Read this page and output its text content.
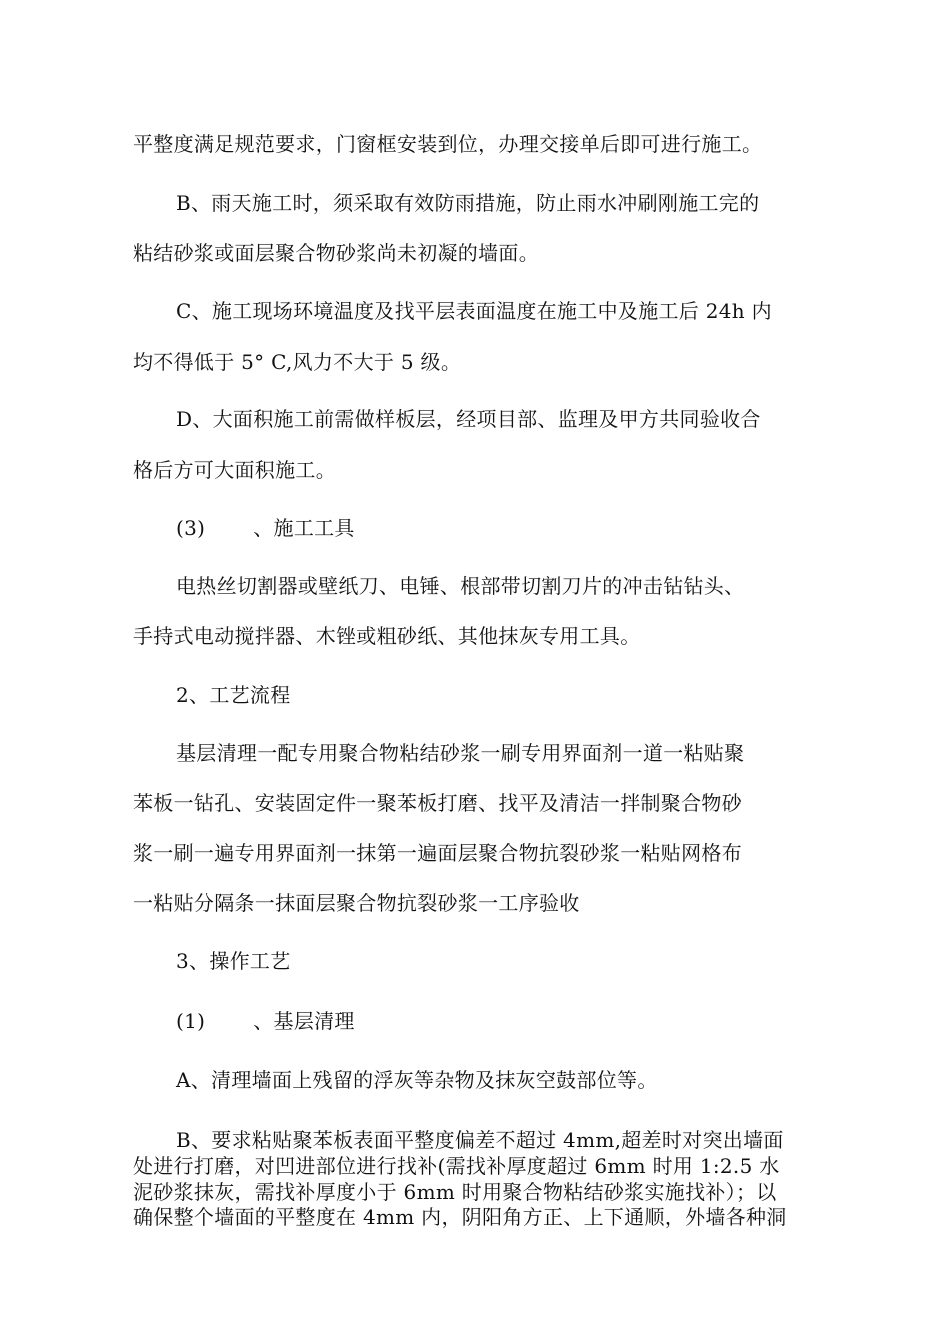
平整度满足规范要求，门窗框安装到位，办理交接单后即可进行施工。
B、雨天施工时，须采取有效防雨措施，防止雨水冲刷刚施工完的
粘结砂浆或面层聚合物砂浆尚未初凝的墙面。
C、施工现场环境温度及找平层表面温度在施工中及施工后 24h 内
均不得低于 5° C,风力不大于 5 级。
D、大面积施工前需做样板层，经项目部、监理及甲方共同验收合
格后方可大面积施工。
(3) 、施工工具
电热丝切割器或壁纸刀、电锤、根部带切割刀片的冲击钻钻头、
手持式电动搅拌器、木锉或粗砂纸、其他抹灰专用工具。
2、工艺流程
基层清理一配专用聚合物粘结砂浆一刷专用界面剂一道一粘贴聚
苯板一钻孔、安装固定件一聚苯板打磨、找平及清洁一拌制聚合物砂
浆一刷一遍专用界面剂一抹第一遍面层聚合物抗裂砂浆一粘贴网格布
一粘贴分隔条一抹面层聚合物抗裂砂浆一工序验收
3、操作工艺
(1) 、基层清理
A、清理墙面上残留的浮灰等杂物及抹灰空鼓部位等。
B、要求粘贴聚苯板表面平整度偏差不超过 4mm,超差时对突出墙面
处进行打磨，对凹进部位进行找补(需找补厚度超过 6mm 时用 1:2.5 水
泥砂浆抹灰，需找补厚度小于 6mm 时用聚合物粘结砂浆实施找补）；以
确保整个墙面的平整度在 4mm 内，阴阳角方正、上下通顺，外墙各种洞
